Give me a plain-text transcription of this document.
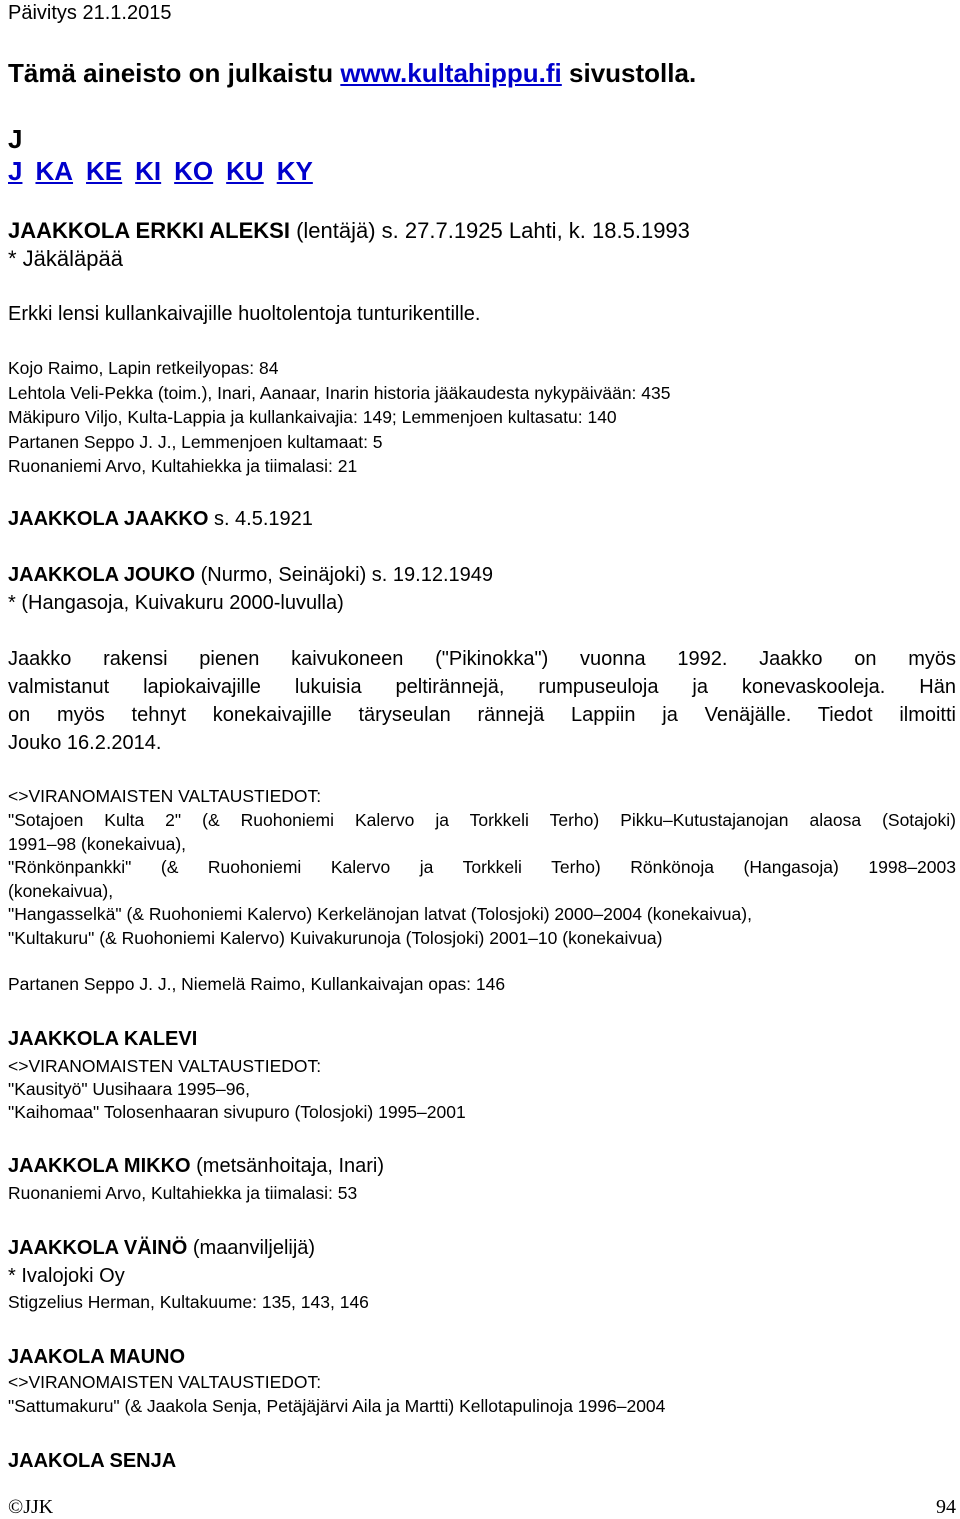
Päivitys 21.1.2015
Tämä aineisto on julkaistu www.kultahippu.fi sivustolla.
J
J KA KE KI KO KU KY
JAAKKOLA ERKKI ALEKSI (lentäjä) s. 27.7.1925 Lahti, k. 18.5.1993
* Jäkäläpää
Erkki lensi kullankaivajille huoltolentoja tunturikentille.
Kojo Raimo, Lapin retkeilyopas: 84
Lehtola Veli-Pekka (toim.), Inari, Aanaar, Inarin historia jääkaudesta nykypäivään: 435
Mäkipuro Viljo, Kulta-Lappia ja kullankaivajia: 149; Lemmenjoen kultasatu: 140
Partanen Seppo J. J., Lemmenjoen kultamaat: 5
Ruonaniemi Arvo, Kultahiekka ja tiimalasi: 21
JAAKKOLA JAAKKO s. 4.5.1921
JAAKKOLA JOUKO (Nurmo, Seinäjoki) s. 19.12.1949
* (Hangasoja, Kuivakuru 2000-luvulla)
Jaakko rakensi pienen kaivukoneen ("Pikinokka") vuonna 1992. Jaakko on myös
valmistanut lapiokaivajille lukuisia peltirännejä, rumpuseuloja ja konevaskooleja. Hän
on myös tehnyt konekaivajille täryseulan rännejä Lappiin ja Venäjälle. Tiedot ilmoitti
Jouko 16.2.2014.
<>VIRANOMAISTEN VALTAUSTIEDOT:
"Sotajoen Kulta 2" (& Ruohoniemi Kalervo ja Torkkeli Terho) Pikku–Kutustajanojan alaosa (Sotajoki)
1991–98 (konekaivua),
"Rönkönpankki" (& Ruohoniemi Kalervo ja Torkkeli Terho) Rönkönoja (Hangasoja) 1998–2003
(konekaivua),
"Hangasselkä" (& Ruohoniemi Kalervo) Kerkelänojan latvat (Tolosjoki) 2000–2004 (konekaivua),
"Kultakuru" (& Ruohoniemi Kalervo) Kuivakurunoja (Tolosjoki) 2001–10 (konekaivua)
Partanen Seppo J. J., Niemelä Raimo, Kullankaivajan opas: 146
JAAKKOLA KALEVI
<>VIRANOMAISTEN VALTAUSTIEDOT:
"Kausityö" Uusihaara 1995–96,
"Kaihomaa" Tolosenhaaran sivupuro (Tolosjoki) 1995–2001
JAAKKOLA MIKKO (metsänhoitaja, Inari)
Ruonaniemi Arvo, Kultahiekka ja tiimalasi: 53
JAAKKOLA VÄINÖ (maanviljelijä)
* Ivalojoki Oy
Stigzelius Herman, Kultakuume: 135, 143, 146
JAAKOLA MAUNO
<>VIRANOMAISTEN VALTAUSTIEDOT:
"Sattumakuru" (& Jaakola Senja, Petäjäjärvi Aila ja Martti) Kellotapulinoja 1996–2004
JAAKOLA SENJA
©JJK	94
